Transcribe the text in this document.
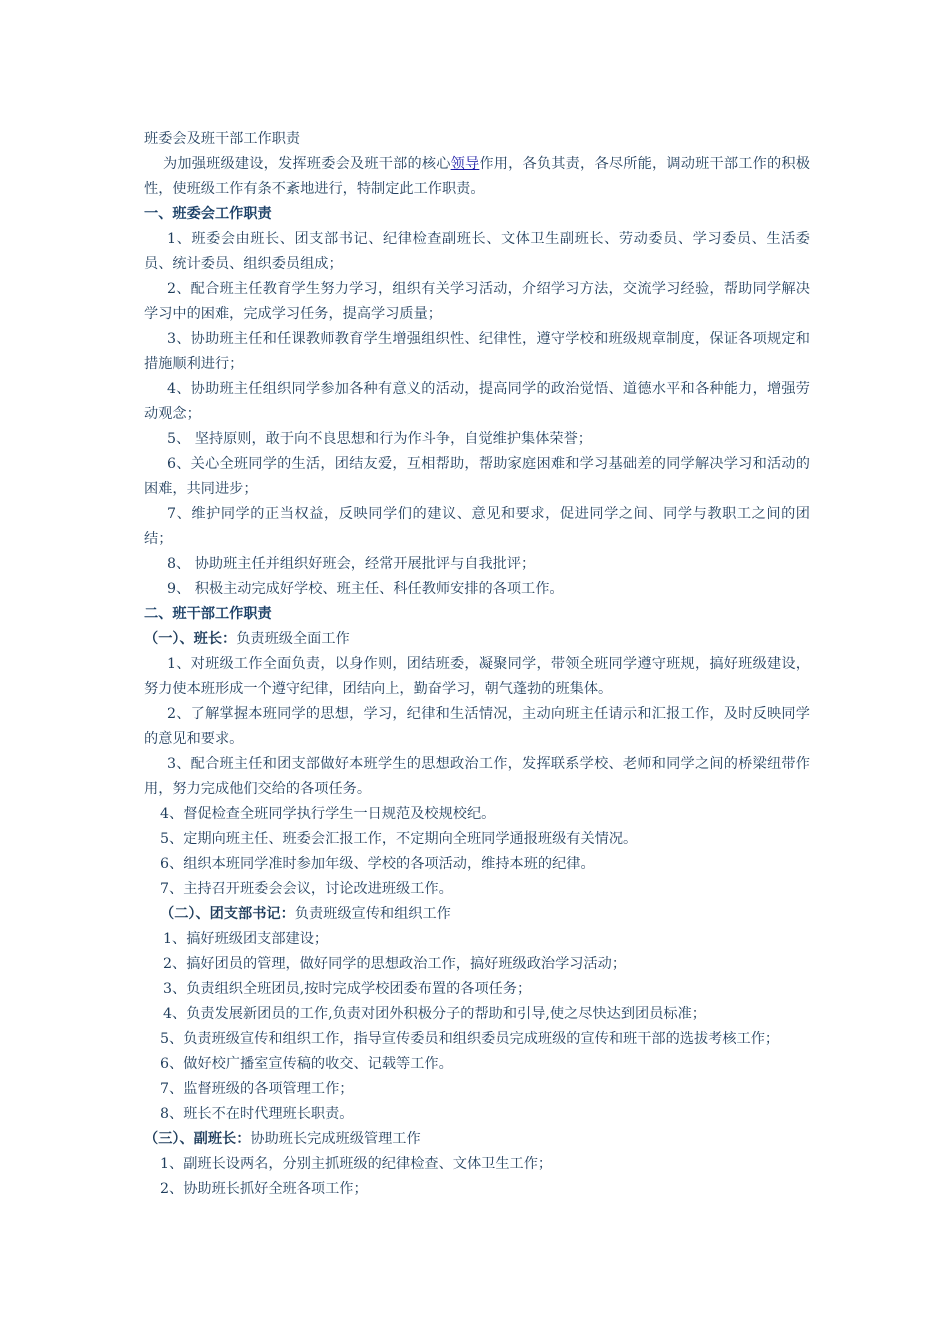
班委会及班干部工作职责

为加强班级建设，发挥班委会及班干部的核心领导作用，各负其责，各尽所能，调动班干部工作的积极性，使班级工作有条不紊地进行，特制定此工作职责。

一、班委会工作职责

1、班委会由班长、团支部书记、纪律检查副班长、文体卫生副班长、劳动委员、学习委员、生活委员、统计委员、组织委员组成；

2、配合班主任教育学生努力学习，组织有关学习活动，介绍学习方法，交流学习经验，帮助同学解决学习中的困难，完成学习任务，提高学习质量；

3、协助班主任和任课教师教育学生增强组织性、纪律性，遵守学校和班级规章制度，保证各项规定和措施顺利进行；

4、协助班主任组织同学参加各种有意义的活动，提高同学的政治觉悟、道德水平和各种能力，增强劳动观念；

5、 坚持原则，敢于向不良思想和行为作斗争，自觉维护集体荣誉；

6、关心全班同学的生活，团结友爱，互相帮助，帮助家庭困难和学习基础差的同学解决学习和活动的困难，共同进步；

7、维护同学的正当权益，反映同学们的建议、意见和要求，促进同学之间、同学与教职工之间的团结；

8、 协助班主任并组织好班会，经常开展批评与自我批评；

9、 积极主动完成好学校、班主任、科任教师安排的各项工作。

二、班干部工作职责

（一）、班长：负责班级全面工作

1、对班级工作全面负责，以身作则，团结班委，凝聚同学，带领全班同学遵守班规，搞好班级建设，努力使本班形成一个遵守纪律，团结向上，勤奋学习，朝气蓬勃的班集体。

2、了解掌握本班同学的思想，学习，纪律和生活情况，主动向班主任请示和汇报工作，及时反映同学的意见和要求。

3、配合班主任和团支部做好本班学生的思想政治工作，发挥联系学校、老师和同学之间的桥梁纽带作用，努力完成他们交给的各项任务。

4、督促检查全班同学执行学生一日规范及校规校纪。

5、定期向班主任、班委会汇报工作，不定期向全班同学通报班级有关情况。

6、组织本班同学准时参加年级、学校的各项活动，维持本班的纪律。

7、主持召开班委会会议，讨论改进班级工作。

（二）、团支部书记：负责班级宣传和组织工作

1、搞好班级团支部建设；

2、搞好团员的管理，做好同学的思想政治工作，搞好班级政治学习活动；

3、负责组织全班团员,按时完成学校团委布置的各项任务；

4、负责发展新团员的工作,负责对团外积极分子的帮助和引导,使之尽快达到团员标准；

5、负责班级宣传和组织工作，指导宣传委员和组织委员完成班级的宣传和班干部的选拔考核工作；

6、做好校广播室宣传稿的收交、记载等工作。

7、监督班级的各项管理工作；

8、班长不在时代理班长职责。

（三）、副班长：协助班长完成班级管理工作

1、副班长设两名，分别主抓班级的纪律检查、文体卫生工作；

2、协助班长抓好全班各项工作；
